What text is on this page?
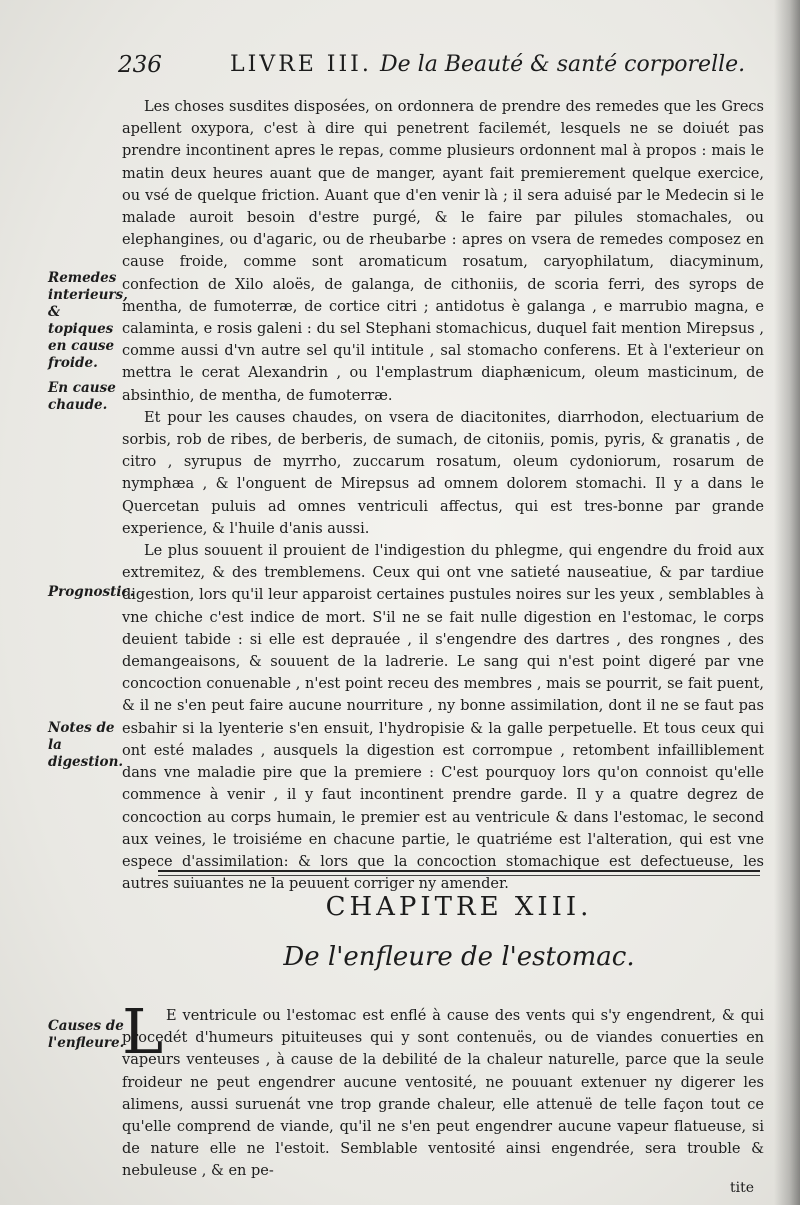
236	LIVRE III. De la Beauté & santé corporelle.

Les choses susdites disposées, on ordonnera de prendre des remedes que les Grecs apellent oxypora, c'est à dire qui penetrent facilemét, lesquels ne se doiuét pas prendre incontinent apres le repas, comme plusieurs ordonnent mal à propos : mais le matin deux heures auant que de manger, ayant fait premierement quelque exercice, ou vsé de quelque friction. Auant que d'en venir là ; il sera aduisé par le Medecin si le malade auroit besoin d'estre purgé, & le faire par pilules stomachales, ou elephangines, ou d'agaric, ou de rheubarbe : apres on vsera de remedes composez en cause froide, comme sont aromaticum rosatum, caryophilatum, diacyminum, confection de Xilo aloës, de galanga, de cithoniis, de scoria ferri, des syrops de mentha, de fumoterræ, de cortice citri ; antidotus è galanga , e marrubio magna, e calaminta, e rosis galeni : du sel Stephani stomachicus, duquel fait mention Mirepsus , comme aussi d'vn autre sel qu'il intitule , sal stomacho conferens. Et à l'exterieur on mettra le cerat Alexandrin , ou l'emplastrum diaphænicum, oleum masticinum, de absinthio, de mentha, de fumoterræ.

Et pour les causes chaudes, on vsera de diacitonites, diarrhodon, electuarium de sorbis, rob de ribes, de berberis, de sumach, de citoniis, pomis, pyris, & granatis , de citro , syrupus de myrrho, zuccarum rosatum, oleum cydoniorum, rosarum de nymphæa , & l'onguent de Mirepsus ad omnem dolorem stomachi. Il y a dans le Quercetan puluis ad omnes ventriculi affectus, qui est tres-bonne par grande experience, & l'huile d'anis aussi.

Le plus souuent il prouient de l'indigestion du phlegme, qui engendre du froid aux extremitez, & des tremblemens. Ceux qui ont vne satieté nauseatiue, & par tardiue digestion, lors qu'il leur apparoist certaines pustules noires sur les yeux , semblables à vne chiche c'est indice de mort. S'il ne se fait nulle digestion en l'estomac, le corps deuient tabide : si elle est deprauée , il s'engendre des dartres , des rongnes , des demangeaisons, & souuent de la ladrerie. Le sang qui n'est point digeré par vne concoction conuenable , n'est point receu des membres , mais se pourrit, se fait puent, & il ne s'en peut faire aucune nourriture , ny bonne assimilation, dont il ne se faut pas esbahir si la lyenterie s'en ensuit, l'hydropisie & la galle perpetuelle. Et tous ceux qui ont esté malades , ausquels la digestion est corrompue , retombent infailliblement dans vne maladie pire que la premiere : C'est pourquoy lors qu'on connoist qu'elle commence à venir , il y faut incontinent prendre garde. Il y a quatre degrez de concoction au corps humain, le premier est au ventricule & dans l'estomac, le second aux veines, le troisiéme en chacune partie, le quatriéme est l'alteration, qui est vne espece d'assimilation: & lors que la concoction stomachique est defectueuse, les autres suiuantes ne la peuuent corriger ny amender.

Remedes interieurs, & topiques en cause froide.
En cause chaude.
Prognostic.
Notes de la digestion.
Causes de l'enfleure.
CHAPITRE XIII.
De l'enfleure de l'estomac.
L E ventricule ou l'estomac est enflé à cause des vents qui s'y engendrent, & qui procedét d'humeurs pituiteuses qui y sont contenuës, ou de viandes conuerties en vapeurs venteuses , à cause de la debilité de la chaleur naturelle, parce que la seule froideur ne peut engendrer aucune ventosité, ne pouuant extenuer ny digerer les alimens, aussi suruenát vne trop grande chaleur, elle attenuë de telle façon tout ce qu'elle comprend de viande, qu'il ne s'en peut engendrer aucune vapeur flatueuse, si de nature elle ne l'estoit. Semblable ventosité ainsi engendrée, sera trouble & nebuleuse , & en pe-

tite
